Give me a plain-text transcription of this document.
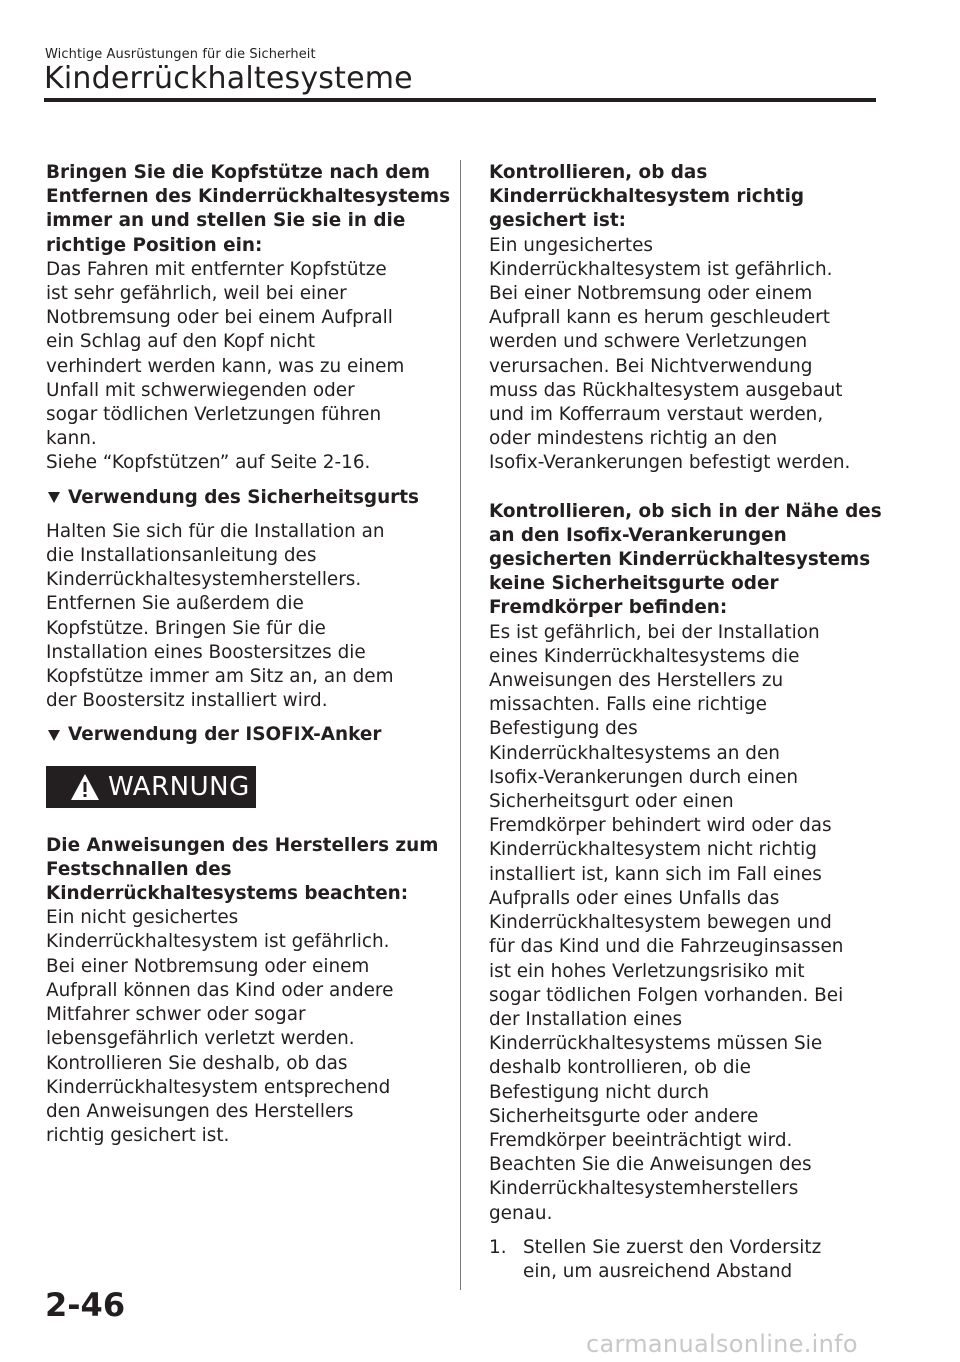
Wichtige Ausrüstungen für die Sicherheit
Kinderrückhaltesysteme
Bringen Sie die Kopfstütze nach dem
Entfernen des Kinderrückhaltesystems
immer an und stellen Sie sie in die
richtige Position ein:
Das Fahren mit entfernter Kopfstütze
ist sehr gefährlich, weil bei einer
Notbremsung oder bei einem Aufprall
ein Schlag auf den Kopf nicht
verhindert werden kann, was zu einem
Unfall mit schwerwiegenden oder
sogar tödlichen Verletzungen führen
kann.
Siehe “Kopfstützen” auf Seite 2-16.
Verwendung des Sicherheitsgurts
Halten Sie sich für die Installation an
die Installationsanleitung des
Kinderrückhaltesystemherstellers.
Entfernen Sie außerdem die
Kopfstütze. Bringen Sie für die
Installation eines Boostersitzes die
Kopfstütze immer am Sitz an, an dem
der Boostersitz installiert wird.
Verwendung der ISOFIX-Anker
WARNUNG
Die Anweisungen des Herstellers zum
Festschnallen des
Kinderrückhaltesystems beachten:
Ein nicht gesichertes
Kinderrückhaltesystem ist gefährlich.
Bei einer Notbremsung oder einem
Aufprall können das Kind oder andere
Mitfahrer schwer oder sogar
lebensgefährlich verletzt werden.
Kontrollieren Sie deshalb, ob das
Kinderrückhaltesystem entsprechend
den Anweisungen des Herstellers
richtig gesichert ist.
Kontrollieren, ob das
Kinderrückhaltesystem richtig
gesichert ist:
Ein ungesichertes
Kinderrückhaltesystem ist gefährlich.
Bei einer Notbremsung oder einem
Aufprall kann es herum geschleudert
werden und schwere Verletzungen
verursachen. Bei Nichtverwendung
muss das Rückhaltesystem ausgebaut
und im Kofferraum verstaut werden,
oder mindestens richtig an den
Isofix-Verankerungen befestigt werden.
Kontrollieren, ob sich in der Nähe des
an den Isofix-Verankerungen
gesicherten Kinderrückhaltesystems
keine Sicherheitsgurte oder
Fremdkörper befinden:
Es ist gefährlich, bei der Installation
eines Kinderrückhaltesystems die
Anweisungen des Herstellers zu
missachten. Falls eine richtige
Befestigung des
Kinderrückhaltesystems an den
Isofix-Verankerungen durch einen
Sicherheitsgurt oder einen
Fremdkörper behindert wird oder das
Kinderrückhaltesystem nicht richtig
installiert ist, kann sich im Fall eines
Aufpralls oder eines Unfalls das
Kinderrückhaltesystem bewegen und
für das Kind und die Fahrzeuginsassen
ist ein hohes Verletzungsrisiko mit
sogar tödlichen Folgen vorhanden. Bei
der Installation eines
Kinderrückhaltesystems müssen Sie
deshalb kontrollieren, ob die
Befestigung nicht durch
Sicherheitsgurte oder andere
Fremdkörper beeinträchtigt wird.
Beachten Sie die Anweisungen des
Kinderrückhaltesystemherstellers
genau.
1. Stellen Sie zuerst den Vordersitz
ein, um ausreichend Abstand
2-46
carmanualsonline.info
